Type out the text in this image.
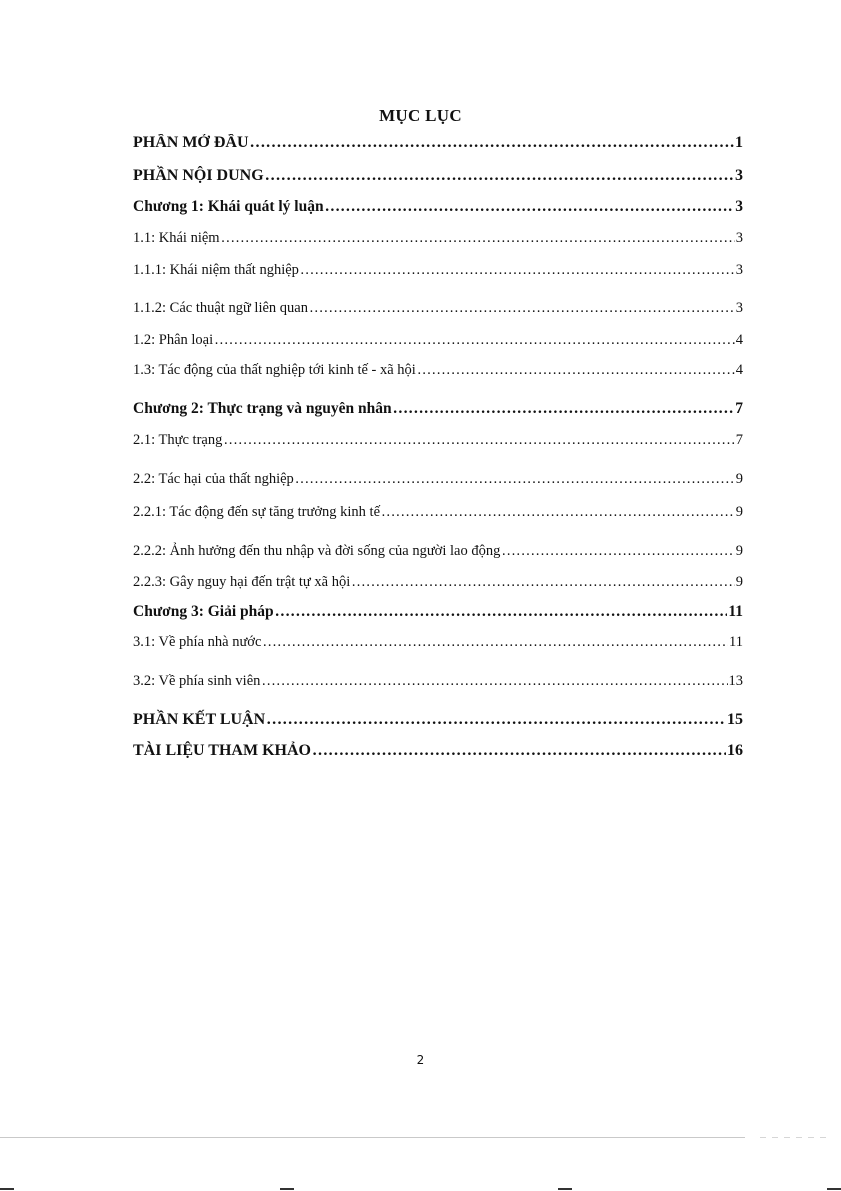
MỤC LỤC
PHẦN MỞ ĐẦU …………………………………………………………………………………………………………………………………………………………………………………………………	1
PHẦN NỘI DUNG …………………………………………………………………………………………………………………………………………………………………………………………………	3
Chương 1: Khái quát lý luận …………………………………………………………………………………………………………………………………………………………………………………………………	3
1.1: Khái niệm …………………………………………………………………………………………………………………………………………………………………………………………………	3
1.1.1: Khái niệm thất nghiệp …………………………………………………………………………………………………………………………………………………………………………………………………	3
1.1.2: Các thuật ngữ liên quan …………………………………………………………………………………………………………………………………………………………………………………………………	3
1.2: Phân loại …………………………………………………………………………………………………………………………………………………………………………………………………	4
1.3: Tác động của thất nghiệp tới kinh tế - xã hội …………………………………………………………………………………………………………………………………………………………………………………………………	4
Chương 2: Thực trạng và nguyên nhân …………………………………………………………………………………………………………………………………………………………………………………………………	7
2.1: Thực trạng …………………………………………………………………………………………………………………………………………………………………………………………………	7
2.2: Tác hại của thất nghiệp …………………………………………………………………………………………………………………………………………………………………………………………………	9
2.2.1: Tác động đến sự tăng trưởng kinh tế …………………………………………………………………………………………………………………………………………………………………………………………………	9
2.2.2: Ảnh hưởng đến thu nhập và đời sống của người lao động …………………………………………………………………………………………………………………………………………………………………………………………………	9
2.2.3: Gây nguy hại đến trật tự xã hội …………………………………………………………………………………………………………………………………………………………………………………………………	9
Chương 3: Giải pháp …………………………………………………………………………………………………………………………………………………………………………………………………	11
3.1: Về phía nhà nước …………………………………………………………………………………………………………………………………………………………………………………………………	11
3.2: Về phía sinh viên …………………………………………………………………………………………………………………………………………………………………………………………………	13
PHẦN KẾT LUẬN …………………………………………………………………………………………………………………………………………………………………………………………………	15
TÀI LIỆU THAM KHẢO …………………………………………………………………………………………………………………………………………………………………………………………………	16
2
